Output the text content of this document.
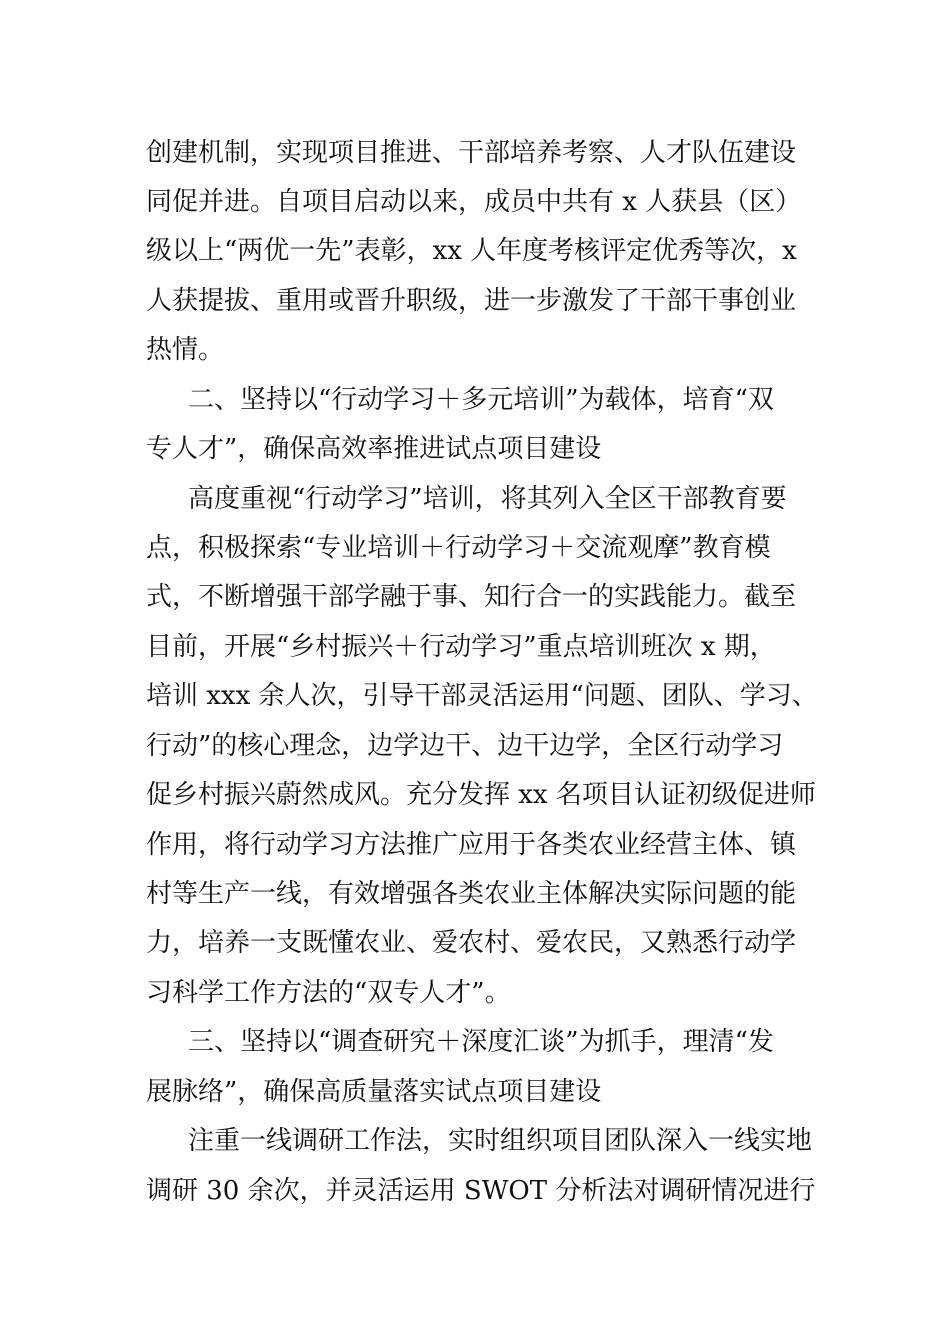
创建机制，实现项目推进、干部培养考察、人才队伍建设

同促并进。自项目启动以来，成员中共有 x 人获县（区）

级以上“两优一先”表彰，xx 人年度考核评定优秀等次，x

人获提拔、重用或晋升职级，进一步激发了干部干事创业

热情。

二、坚持以“行动学习＋多元培训”为载体，培育“双

专人才”，确保高效率推进试点项目建设

高度重视“行动学习”培训，将其列入全区干部教育要

点，积极探索“专业培训＋行动学习＋交流观摩”教育模

式，不断增强干部学融于事、知行合一的实践能力。截至

目前，开展“乡村振兴＋行动学习”重点培训班次 x 期，

培训 xxx 余人次，引导干部灵活运用“问题、团队、学习、

行动”的核心理念，边学边干、边干边学，全区行动学习

促乡村振兴蔚然成风。充分发挥 xx 名项目认证初级促进师

作用，将行动学习方法推广应用于各类农业经营主体、镇

村等生产一线，有效增强各类农业主体解决实际问题的能

力，培养一支既懂农业、爱农村、爱农民，又熟悉行动学

习科学工作方法的“双专人才”。

三、坚持以“调查研究＋深度汇谈”为抓手，理清“发

展脉络”，确保高质量落实试点项目建设

注重一线调研工作法，实时组织项目团队深入一线实地

调研 30 余次，并灵活运用 SWOT 分析法对调研情况进行
